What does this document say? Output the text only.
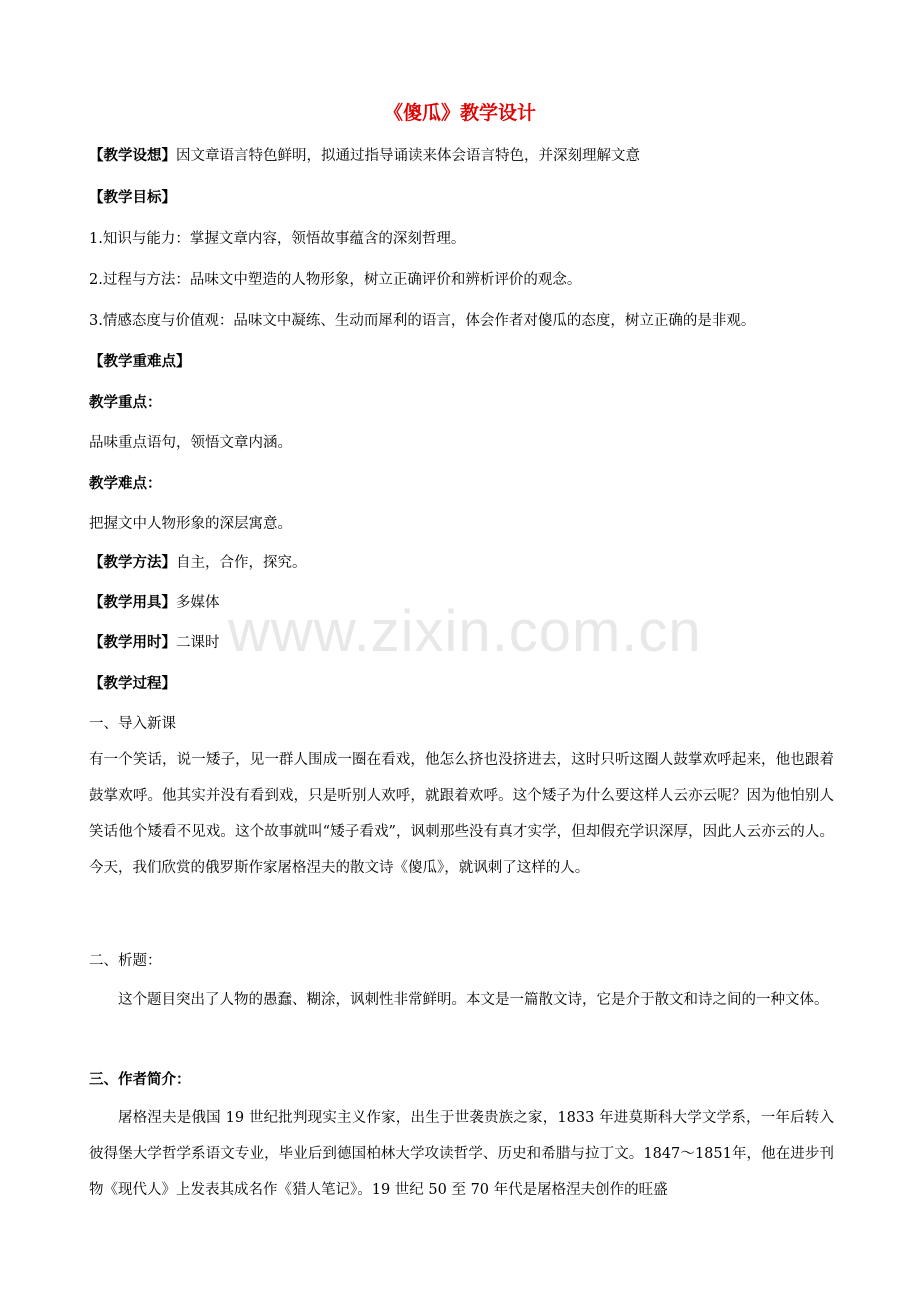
www.zixin.com.cn
《傻瓜》教学设计
【教学设想】因文章语言特色鲜明，拟通过指导诵读来体会语言特色，并深刻理解文意
【教学目标】
1.知识与能力：掌握文章内容，领悟故事蕴含的深刻哲理。
2.过程与方法：品味文中塑造的人物形象，树立正确评价和辨析评价的观念。
3.情感态度与价值观：品味文中凝练、生动而犀利的语言，体会作者对傻瓜的态度，树立正确的是非观。
【教学重难点】
教学重点：
品味重点语句，领悟文章内涵。
教学难点：
把握文中人物形象的深层寓意。
【教学方法】自主，合作，探究。
【教学用具】多媒体
【教学用时】二课时
【教学过程】
一、导入新课
有一个笑话，说一矮子，见一群人围成一圈在看戏，他怎么挤也没挤进去，这时只听这圈人鼓掌欢呼起来，他也跟着鼓掌欢呼。他其实并没有看到戏，只是听别人欢呼，就跟着欢呼。这个矮子为什么要这样人云亦云呢？因为他怕别人笑话他个矮看不见戏。这个故事就叫“矮子看戏”，讽刺那些没有真才实学，但却假充学识深厚，因此人云亦云的人。今天，我们欣赏的俄罗斯作家屠格涅夫的散文诗《傻瓜》，就讽刺了这样的人。
二、析题：
这个题目突出了人物的愚蠢、糊涂，讽刺性非常鲜明。本文是一篇散文诗，它是介于散文和诗之间的一种文体。
三、作者简介：
屠格涅夫是俄国 19 世纪批判现实主义作家，出生于世袭贵族之家，1833 年进莫斯科大学文学系，一年后转入彼得堡大学哲学系语文专业，毕业后到德国柏林大学攻读哲学、历史和希腊与拉丁文。1847～1851年，他在进步刊物《现代人》上发表其成名作《猎人笔记》。19 世纪 50 至 70 年代是屠格涅夫创作的旺盛
